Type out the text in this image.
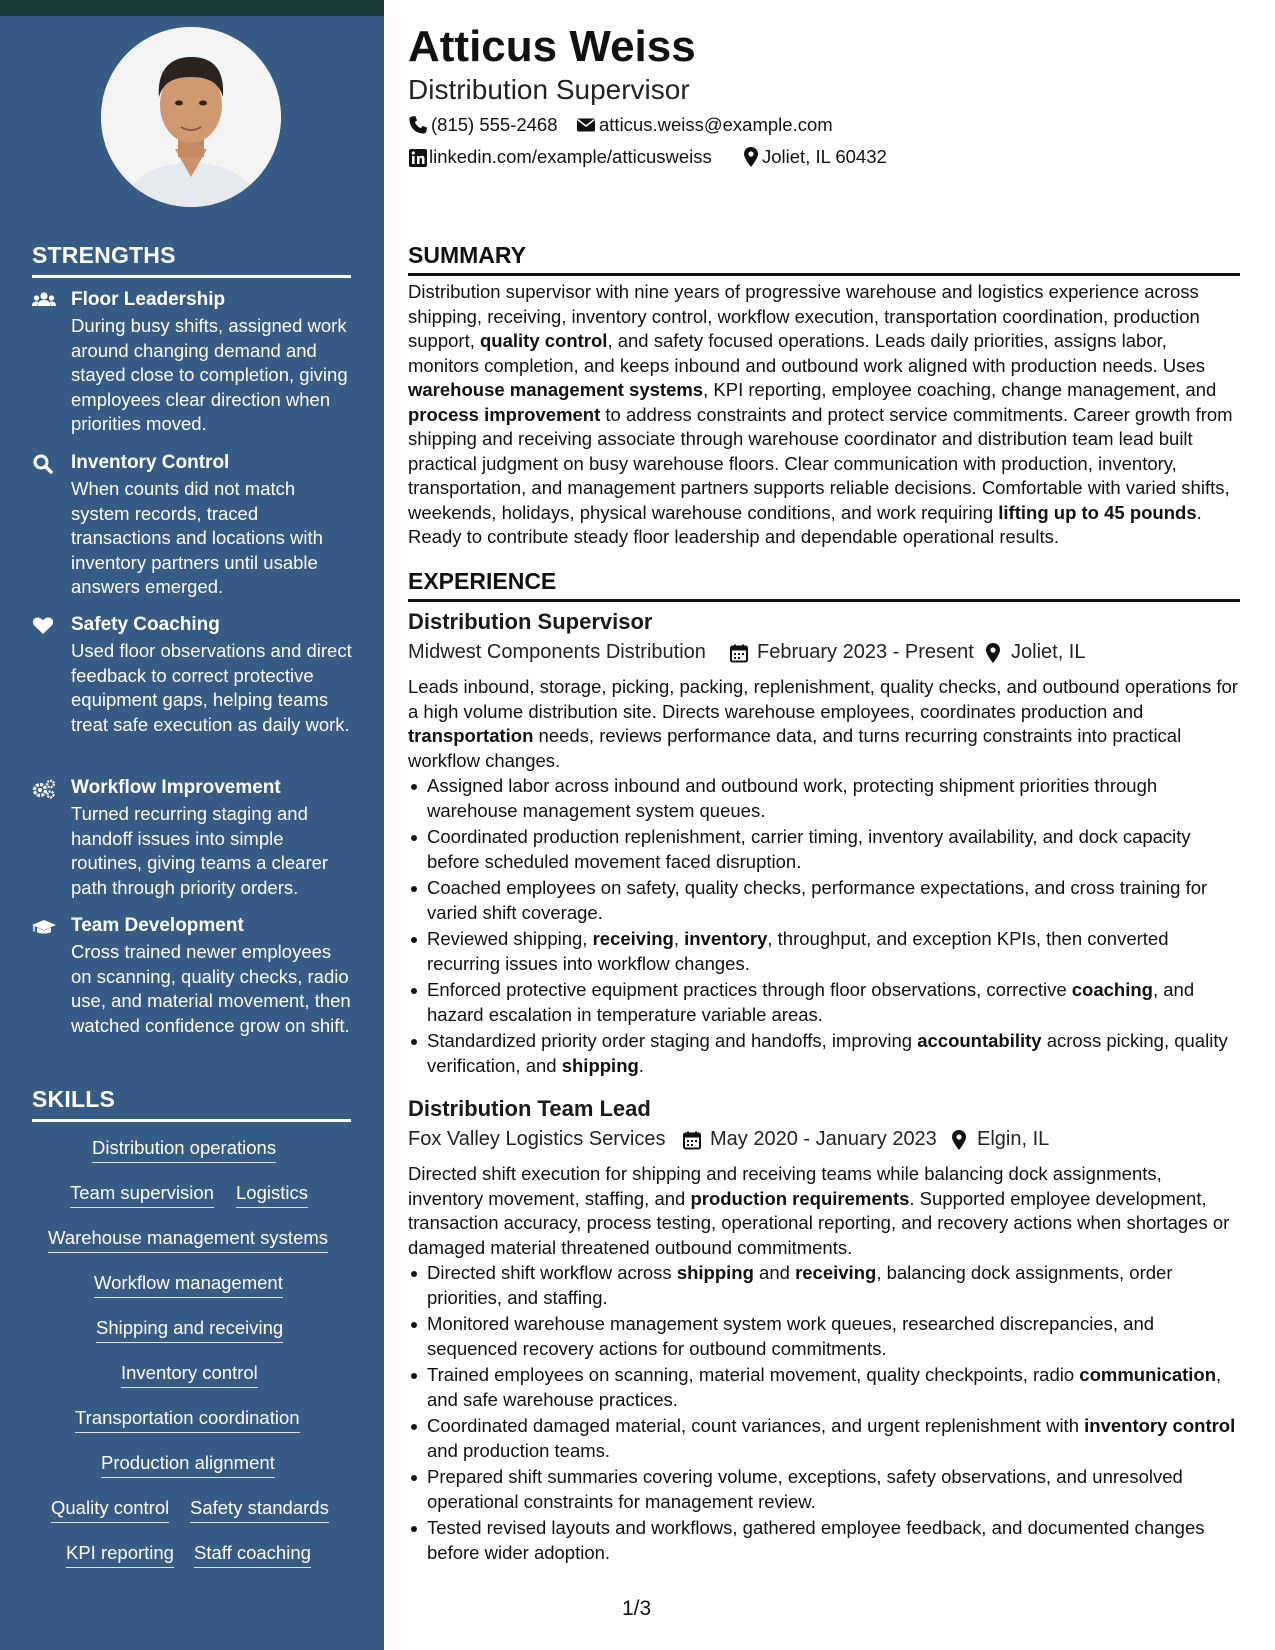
STRENGTHS
Floor Leadership
During busy shifts, assigned work around changing demand and stayed close to completion, giving employees clear direction when priorities moved.
Inventory Control
When counts did not match system records, traced transactions and locations with inventory partners until usable answers emerged.
Safety Coaching
Used floor observations and direct feedback to correct protective equipment gaps, helping teams treat safe execution as daily work.
Workflow Improvement
Turned recurring staging and handoff issues into simple routines, giving teams a clearer path through priority orders.
Team Development
Cross trained newer employees on scanning, quality checks, radio use, and material movement, then watched confidence grow on shift.
SKILLS
Distribution operations
Team supervision Logistics
Warehouse management systems
Workflow management
Shipping and receiving
Inventory control
Transportation coordination
Production alignment
Quality control Safety standards
KPI reporting Staff coaching
Atticus Weiss
Distribution Supervisor
(815) 555-2468 atticus.weiss@example.com
linkedin.com/example/atticusweiss	Joliet, IL 60432
SUMMARY
Distribution supervisor with nine years of progressive warehouse and logistics experience across shipping, receiving, inventory control, workflow execution, transportation coordination, production support, quality control, and safety focused operations. Leads daily priorities, assigns labor, monitors completion, and keeps inbound and outbound work aligned with production needs. Uses warehouse management systems, KPI reporting, employee coaching, change management, and process improvement to address constraints and protect service commitments. Career growth from shipping and receiving associate through warehouse coordinator and distribution team lead built practical judgment on busy warehouse floors. Clear communication with production, inventory, transportation, and management partners supports reliable decisions. Comfortable with varied shifts, weekends, holidays, physical warehouse conditions, and work requiring lifting up to 45 pounds. Ready to contribute steady floor leadership and dependable operational results.
EXPERIENCE
Distribution Supervisor
Midwest Components Distribution	February 2023 - Present Joliet, IL
Leads inbound, storage, picking, packing, replenishment, quality checks, and outbound operations for a high volume distribution site. Directs warehouse employees, coordinates production and transportation needs, reviews performance data, and turns recurring constraints into practical workflow changes.
Assigned labor across inbound and outbound work, protecting shipment priorities through warehouse management system queues.
Coordinated production replenishment, carrier timing, inventory availability, and dock capacity before scheduled movement faced disruption.
Coached employees on safety, quality checks, performance expectations, and cross training for varied shift coverage.
Reviewed shipping, receiving, inventory, throughput, and exception KPIs, then converted recurring issues into workflow changes.
Enforced protective equipment practices through floor observations, corrective coaching, and hazard escalation in temperature variable areas.
Standardized priority order staging and handoffs, improving accountability across picking, quality verification, and shipping.
Distribution Team Lead
Fox Valley Logistics Services May 2020 - January 2023 Elgin, IL
Directed shift execution for shipping and receiving teams while balancing dock assignments, inventory movement, staffing, and production requirements. Supported employee development, transaction accuracy, process testing, operational reporting, and recovery actions when shortages or damaged material threatened outbound commitments.
Directed shift workflow across shipping and receiving, balancing dock assignments, order priorities, and staffing.
Monitored warehouse management system work queues, researched discrepancies, and sequenced recovery actions for outbound commitments.
Trained employees on scanning, material movement, quality checkpoints, radio communication, and safe warehouse practices.
Coordinated damaged material, count variances, and urgent replenishment with inventory control and production teams.
Prepared shift summaries covering volume, exceptions, safety observations, and unresolved operational constraints for management review.
Tested revised layouts and workflows, gathered employee feedback, and documented changes before wider adoption.
1/3
